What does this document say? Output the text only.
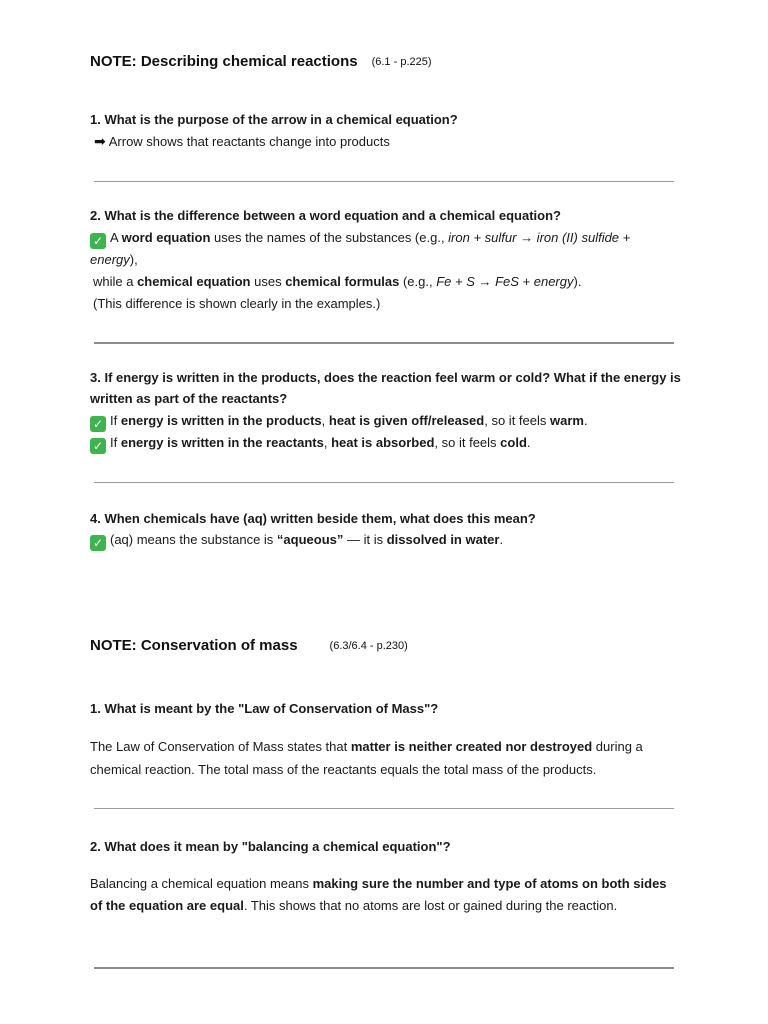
NOTE: Describing chemical reactions (6.1 - p.225)
1. What is the purpose of the arrow in a chemical equation?
➡ Arrow shows that reactants change into products
2. What is the difference between a word equation and a chemical equation?
✓ A word equation uses the names of the substances (e.g., iron + sulfur → iron (II) sulfide + energy),
while a chemical equation uses chemical formulas (e.g., Fe + S → FeS + energy).
(This difference is shown clearly in the examples.)
3. If energy is written in the products, does the reaction feel warm or cold? What if the energy is written as part of the reactants?
✓ If energy is written in the products, heat is given off/released, so it feels warm.
✓ If energy is written in the reactants, heat is absorbed, so it feels cold.
4. When chemicals have (aq) written beside them, what does this mean?
✓ (aq) means the substance is “aqueous” — it is dissolved in water.
NOTE: Conservation of mass	(6.3/6.4 - p.230)
1. What is meant by the "Law of Conservation of Mass"?
The Law of Conservation of Mass states that matter is neither created nor destroyed during a chemical reaction. The total mass of the reactants equals the total mass of the products.
2. What does it mean by "balancing a chemical equation"?
Balancing a chemical equation means making sure the number and type of atoms on both sides of the equation are equal. This shows that no atoms are lost or gained during the reaction.
